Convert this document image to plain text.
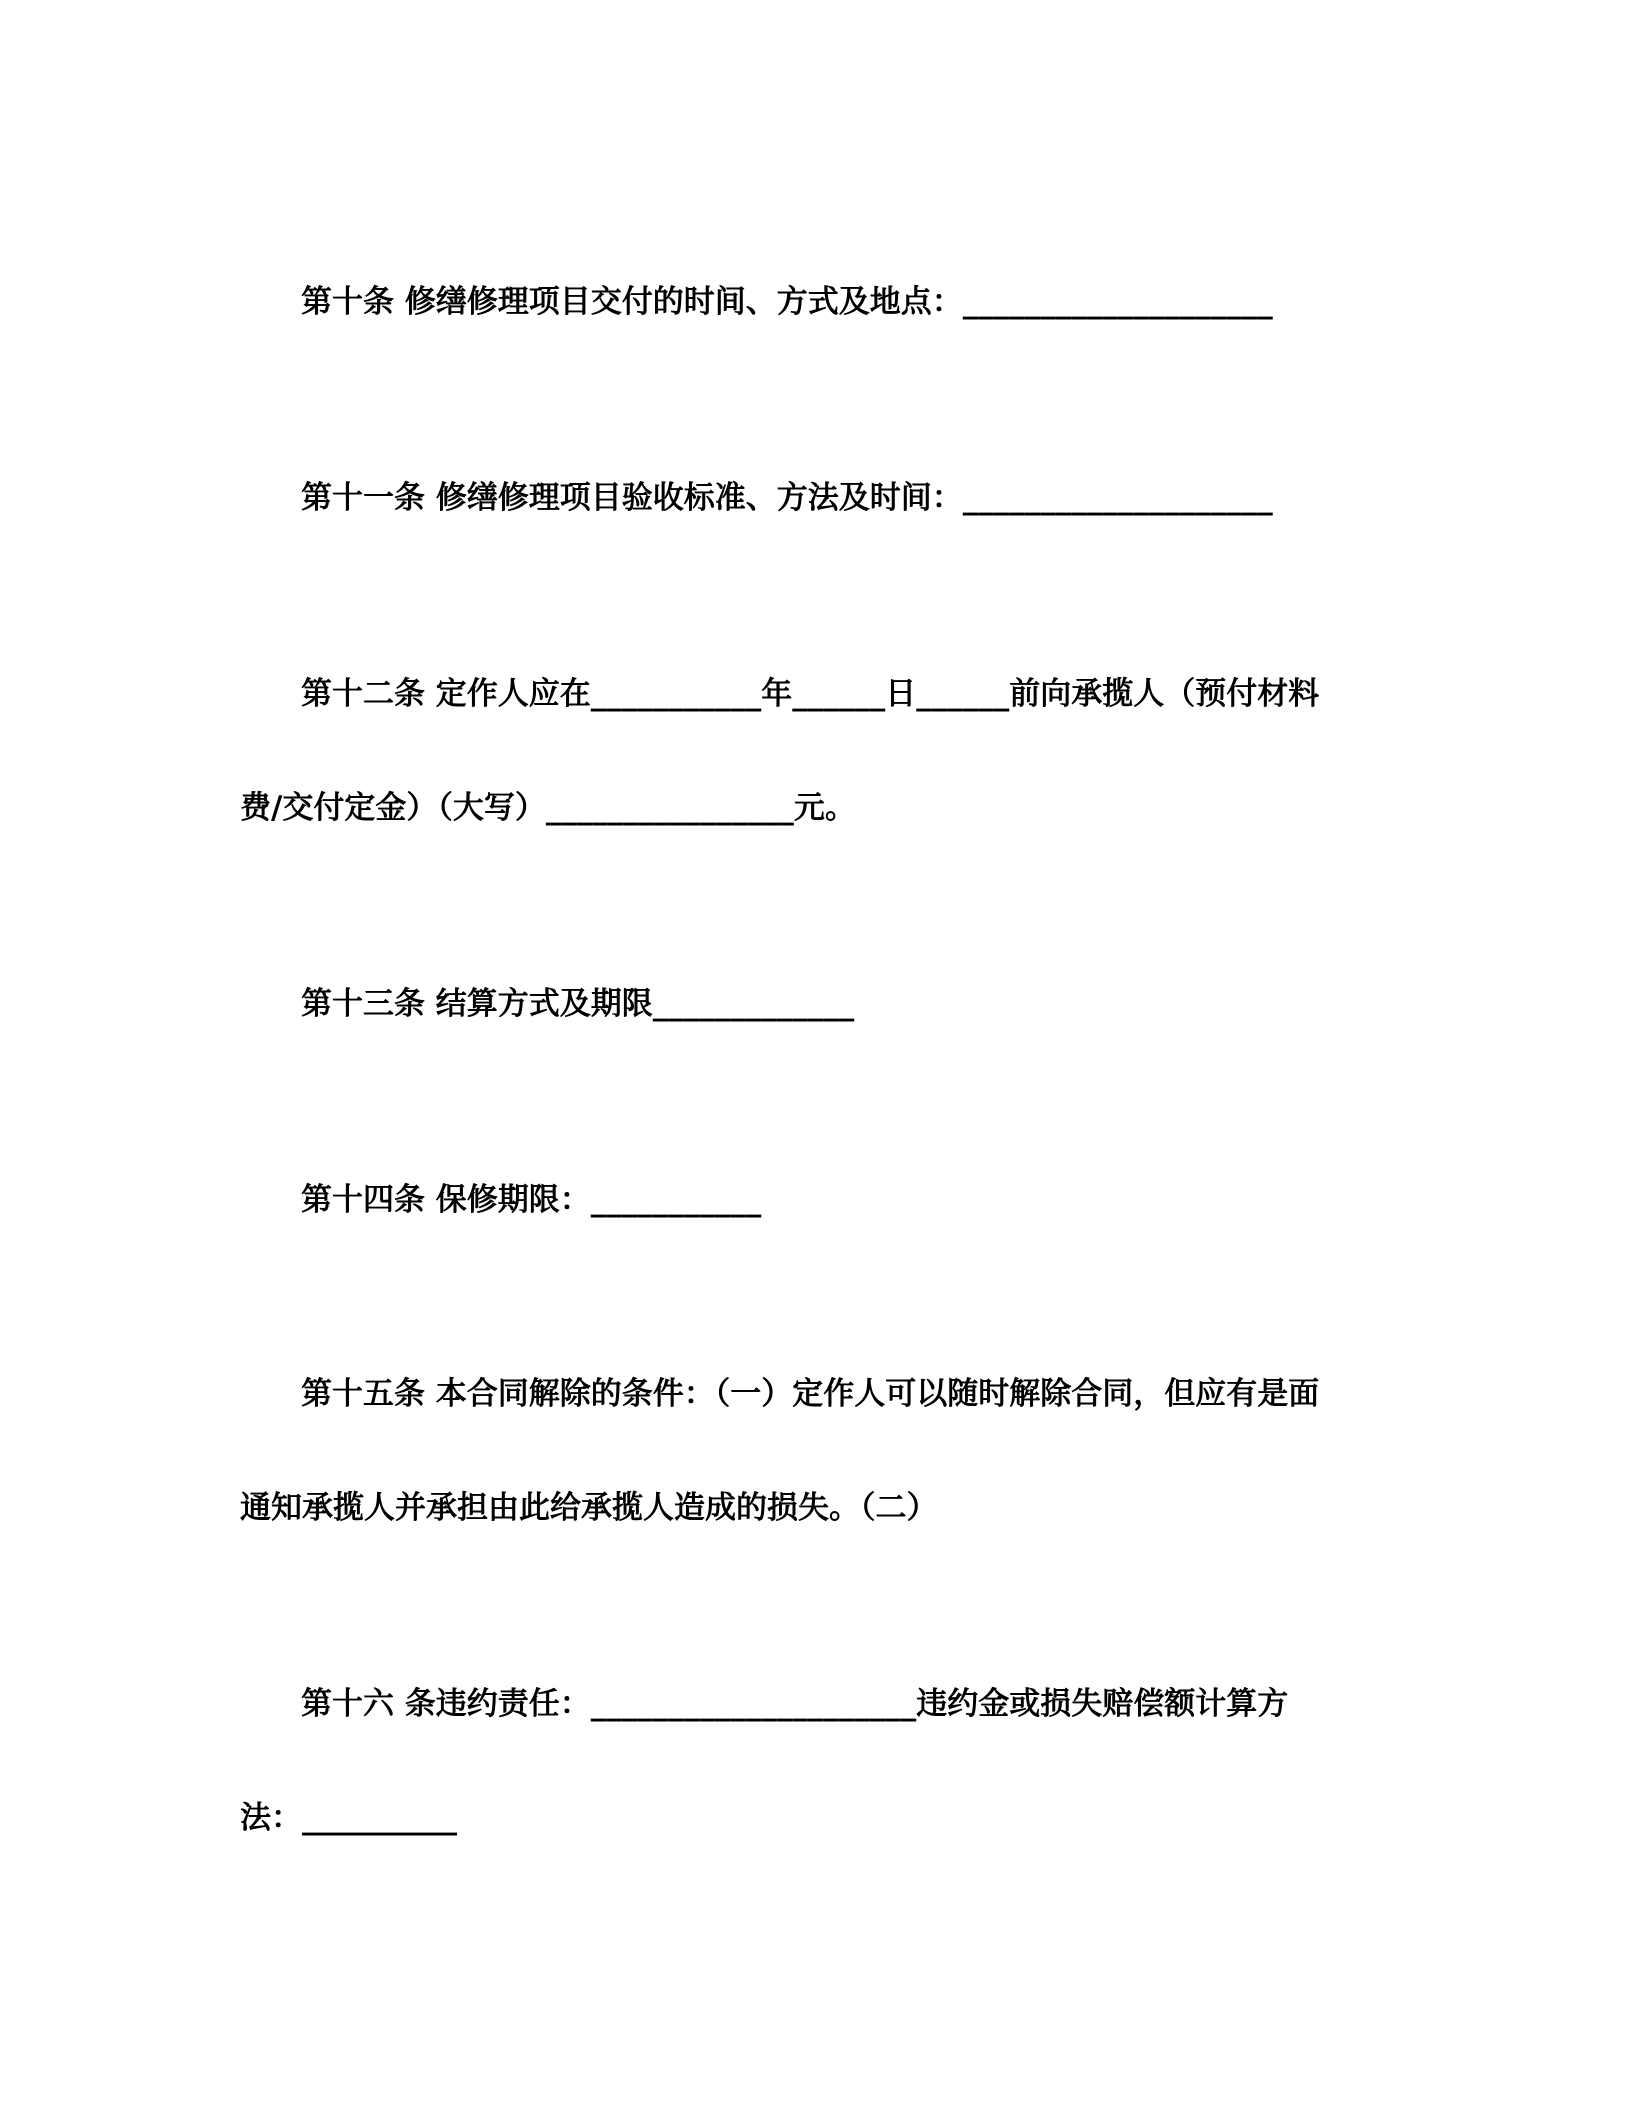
第十条 修缮修理项目交付的时间、方式及地点：____________________
第十一条 修缮修理项目验收标准、方法及时间：____________________
第十二条 定作人应在___________年______日______前向承揽人（预付材料
费/交付定金）（大写）________________元。
第十三条 结算方式及期限_____________
第十四条 保修期限：___________
第十五条 本合同解除的条件：（一）定作人可以随时解除合同，但应有是面
通知承揽人并承担由此给承揽人造成的损失。（二）
第十六 条违约责任：_____________________违约金或损失赔偿额计算方
法：__________
